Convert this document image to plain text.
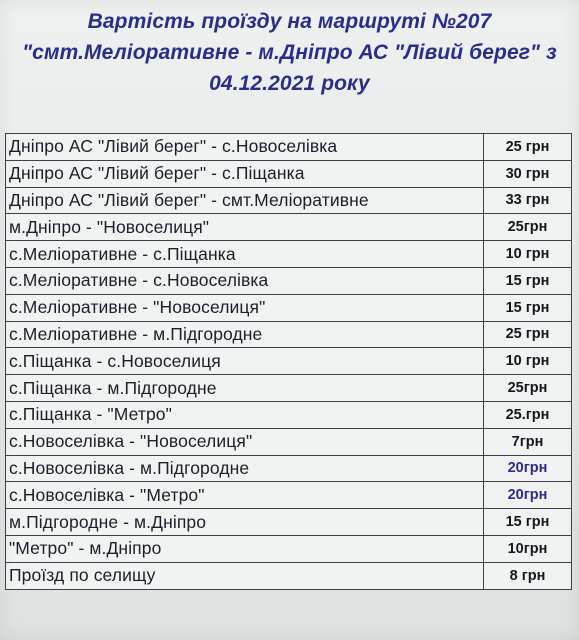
Вартість проїзду на маршруті №207
"смт.Меліоративне - м.Дніпро АС "Лівий берег" з
04.12.2021 року
Дніпро АС "Лівий берег" - с.Новоселівка	25 грн
Дніпро АС "Лівий берег" - с.Піщанка	30 грн
Дніпро АС "Лівий берег" - смт.Меліоративне	33 грн
м.Дніпро - "Новоселиця"	25грн
с.Меліоративне - с.Піщанка	10 грн
с.Меліоративне - с.Новоселівка	15 грн
с.Меліоративне - "Новоселиця"	15 грн
с.Меліоративне - м.Підгородне	25 грн
с.Піщанка - с.Новоселиця	10 грн
с.Піщанка - м.Підгородне	25грн
с.Піщанка - "Метро"	25.грн
с.Новоселівка - "Новоселиця"	7грн
с.Новоселівка - м.Підгородне	20грн
с.Новоселівка - "Метро"	20грн
м.Підгородне - м.Дніпро	15 грн
"Метро" - м.Дніпро	10грн
Проїзд по селищу	8 грн
